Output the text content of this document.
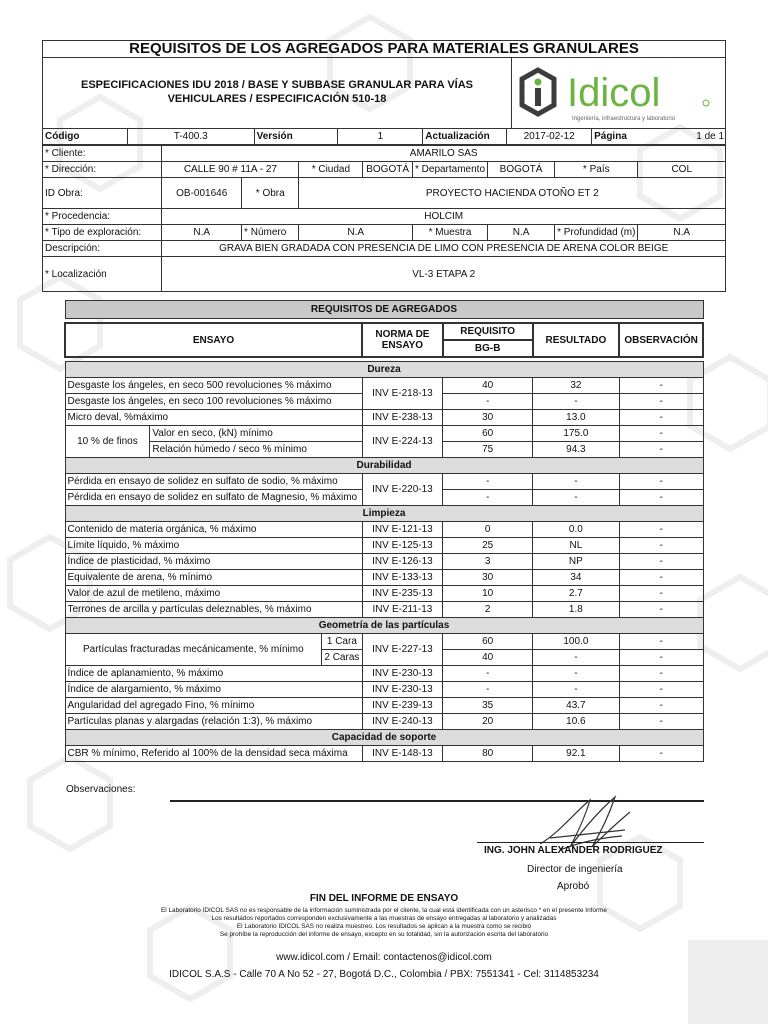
REQUISITOS DE LOS AGREGADOS PARA MATERIALES GRANULARES
ESPECIFICACIONES IDU 2018 / BASE Y SUBBASE GRANULAR PARA VÍAS
VEHICULARES / ESPECIFICACIÓN 510-18	Idicol
Ingeniería, infraestructura y laboratorio
Código	T-400.3	Versión	1	Actualización	2017-02-12	Página	1 de 1
* Cliente:	AMARILO SAS							
* Dirección:	CALLE 90 # 11A - 27		* Ciudad	BOGOTÁ	* Departamento	BOGOTÁ	* País	COL
ID Obra:	OB-001646	* Obra	PROYECTO HACIENDA OTOÑO ET 2					
* Procedencia:	HOLCIM							
* Tipo de exploración:	N.A	* Número	N.A		* Muestra	N.A	* Profundidad (m)	N.A
Descripción:	GRAVA BIEN GRADADA CON PRESENCIA DE LIMO CON PRESENCIA DE ARENA COLOR BEIGE							
* Localización	VL-3 ETAPA 2							
REQUISITOS DE AGREGADOS						

ENSAYO			NORMA DE ENSAYO	REQUISITO	RESULTADO	OBSERVACIÓN
				BG-B		

Dureza						
Desgaste los ángeles, en seco 500 revoluciones % máximo			INV E-218-13	40	32	-
Desgaste los ángeles, en seco 100 revoluciones % máximo				-	-	-
Micro deval, %máximo			INV E-238-13	30	13.0	-
10 % de finos	Valor en seco, (kN) mínimo		INV E-224-13	60	175.0	-
	Relación húmedo / seco % mínimo			75	94.3	-
Durabilidad						
Pérdida en ensayo de solidez en sulfato de sodio, % máximo			INV E-220-13	-	-	-
Pérdida en ensayo de solidez en sulfato de Magnesio, % máximo				-	-	-
Limpieza						
Contenido de materia orgánica, % máximo			INV E-121-13	0	0.0	-
Límite líquido, % máximo			INV E-125-13	25	NL	-
Índice de plasticidad, % máximo			INV E-126-13	3	NP	-
Equivalente de arena, % mínimo			INV E-133-13	30	34	-
Valor de azul de metileno, máximo			INV E-235-13	10	2.7	-
Terrones de arcilla y partículas deleznables, % máximo			INV E-211-13	2	1.8	-
Geometría de las partículas						
Partículas fracturadas mecánicamente, % mínimo		1 Cara	INV E-227-13	60	100.0	-
		2 Caras		40	-	-
Índice de aplanamiento, % máximo			INV E-230-13	-	-	-
Índice de alargamiento, % máximo			INV E-230-13	-	-	-
Angularidad del agregado Fino, % mínimo			INV E-239-13	35	43.7	-
Partículas planas y alargadas (relación 1:3), % máximo			INV E-240-13	20	10.6	-
Capacidad de soporte						
CBR % mínimo, Referido al 100% de la densidad seca máxima			INV E-148-13	80	92.1	-
Observaciones:
ING. JOHN ALEXANDER RODRIGUEZ
Director de ingeniería
Aprobó
FIN DEL INFORME DE ENSAYO
El Laboratorio IDICOL SAS no es responsable de la información suministrada por el cliente, la cual está identificada con un asterisco * en el presente Informe
Los resultados reportados corresponden exclusivamente a las muestras de ensayo entregadas al laboratorio y analizadas
El Laboratorio IDICOL SAS no realiza muestreo. Los resultados se aplican a la muestra como se recibió
Se prohíbe la reproducción del informe de ensayo, excepto en su totalidad, sin la autorización escrita del laboratorio
www.idicol.com / Email: contactenos@idicol.com
IDICOL S.A.S - Calle 70 A No 52 - 27, Bogotá D.C., Colombia / PBX: 7551341 - Cel: 3114853234
